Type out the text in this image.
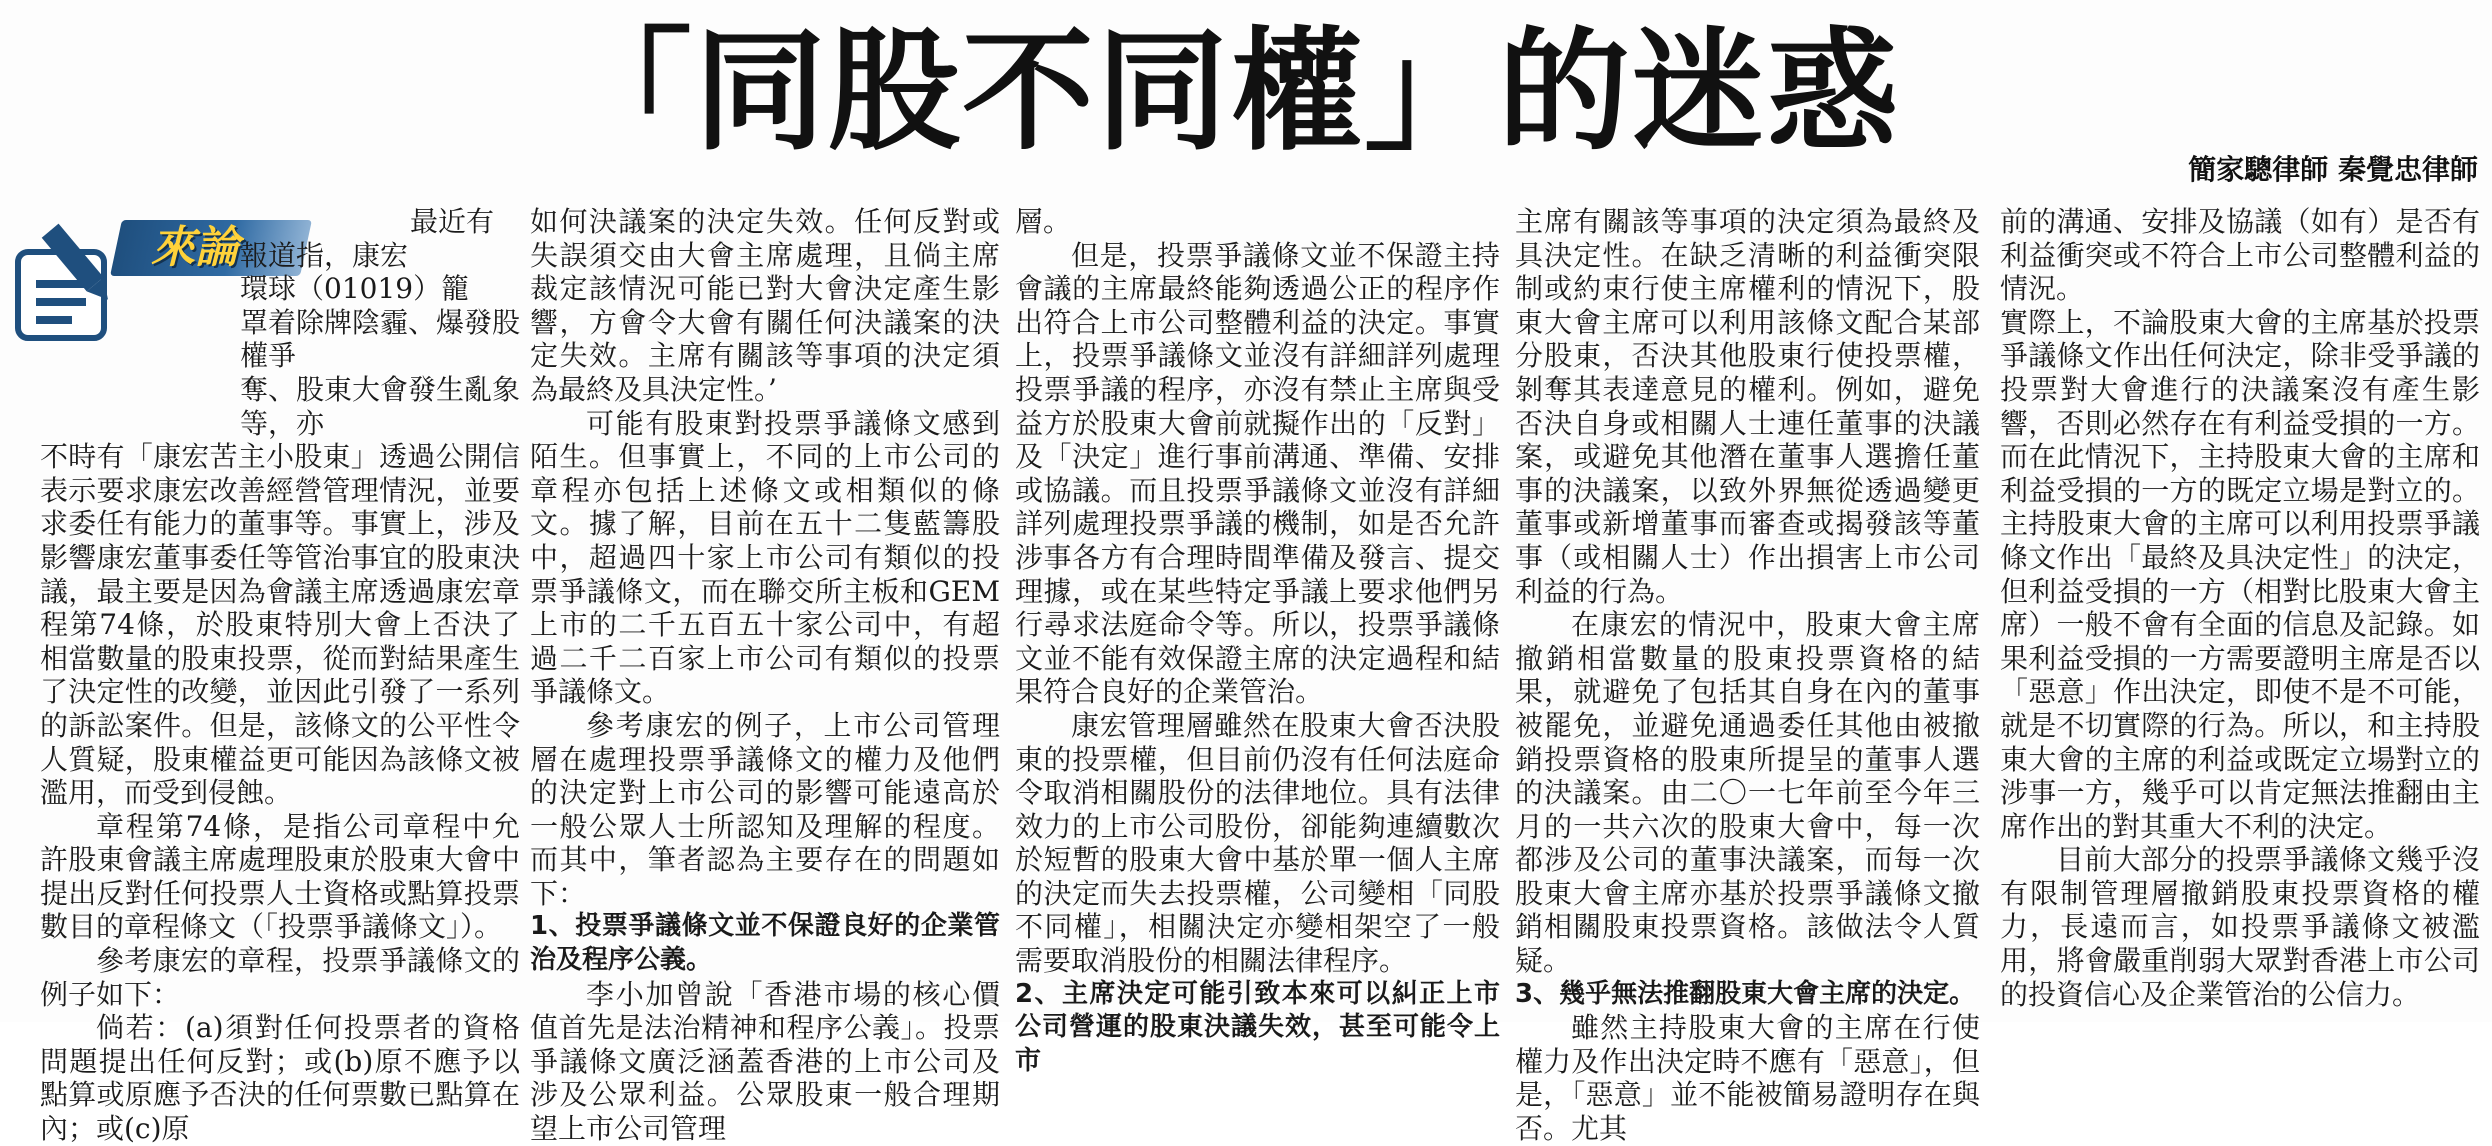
「同股不同權」的迷惑
簡家驄律師 秦覺忠律師
來論

最近有

報道指，康宏

環球（01019）籠

罩着除牌陰霾、爆發股權爭

奪、股東大會發生亂象等，亦

不時有「康宏苦主小股東」透過公開信表示要求康宏改善經營管理情況，並要求委任有能力的董事等。事實上，涉及影響康宏董事委任等管治事宜的股東決議，最主要是因為會議主席透過康宏章程第74條，於股東特別大會上否決了相當數量的股東投票，從而對結果產生了決定性的改變，並因此引發了一系列的訴訟案件。但是，該條文的公平性令人質疑，股東權益更可能因為該條文被濫用，而受到侵蝕。

章程第74條，是指公司章程中允許股東會議主席處理股東於股東大會中提出反對任何投票人士資格或點算投票數目的章程條文（「投票爭議條文」）。

參考康宏的章程，投票爭議條文的例子如下：

倘若：(a)須對任何投票者的資格問題提出任何反對；或(b)原不應予以點算或原應予否決的任何票數已點算在內；或(c)原

如何決議案的決定失效。任何反對或失誤須交由大會主席處理，且倘主席裁定該情況可能已對大會決定產生影響，方會令大會有關任何決議案的決定失效。主席有關該等事項的決定須為最終及具決定性。’

可能有股東對投票爭議條文感到陌生。但事實上，不同的上市公司的章程亦包括上述條文或相類似的條文。據了解，目前在五十二隻藍籌股中，超過四十家上市公司有類似的投票爭議條文，而在聯交所主板和GEM上市的二千五百五十家公司中，有超過二千二百家上市公司有類似的投票爭議條文。

參考康宏的例子，上市公司管理層在處理投票爭議條文的權力及他們的決定對上市公司的影響可能遠高於一般公眾人士所認知及理解的程度。而其中，筆者認為主要存在的問題如下：

1、投票爭議條文並不保證良好的企業管治及程序公義。

李小加曾說「香港市場的核心價值首先是法治精神和程序公義」。投票爭議條文廣泛涵蓋香港的上市公司及涉及公眾利益。公眾股東一般合理期望上市公司管理

層。

但是，投票爭議條文並不保證主持會議的主席最終能夠透過公正的程序作出符合上市公司整體利益的決定。事實上，投票爭議條文並沒有詳細詳列處理投票爭議的程序，亦沒有禁止主席與受益方於股東大會前就擬作出的「反對」及「決定」進行事前溝通、準備、安排或協議。而且投票爭議條文並沒有詳細詳列處理投票爭議的機制，如是否允許涉事各方有合理時間準備及發言、提交理據，或在某些特定爭議上要求他們另行尋求法庭命令等。所以，投票爭議條文並不能有效保證主席的決定過程和結果符合良好的企業管治。

康宏管理層雖然在股東大會否決股東的投票權，但目前仍沒有任何法庭命令取消相關股份的法律地位。具有法律效力的上市公司股份，卻能夠連續數次於短暫的股東大會中基於單一個人主席的決定而失去投票權，公司變相「同股不同權」，相關決定亦變相架空了一般需要取消股份的相關法律程序。

2、主席決定可能引致本來可以糾正上市公司營運的股東決議失效，甚至可能令上市

主席有關該等事項的決定須為最終及具決定性。在缺乏清晰的利益衝突限制或約束行使主席權利的情況下，股東大會主席可以利用該條文配合某部分股東，否決其他股東行使投票權，剝奪其表達意見的權利。例如，避免否決自身或相關人士連任董事的決議案，或避免其他潛在董事人選擔任董事的決議案，以致外界無從透過變更董事或新增董事而審查或揭發該等董事（或相關人士）作出損害上市公司利益的行為。

在康宏的情況中，股東大會主席撤銷相當數量的股東投票資格的結果，就避免了包括其自身在內的董事被罷免，並避免通過委任其他由被撤銷投票資格的股東所提呈的董事人選的決議案。由二〇一七年前至今年三月的一共六次的股東大會中，每一次都涉及公司的董事決議案，而每一次股東大會主席亦基於投票爭議條文撤銷相關股東投票資格。該做法令人質疑。

3、幾乎無法推翻股東大會主席的決定。

雖然主持股東大會的主席在行使權力及作出決定時不應有「惡意」，但是，「惡意」並不能被簡易證明存在與否。尤其

前的溝通、安排及協議（如有）是否有利益衝突或不符合上市公司整體利益的情況。

實際上，不論股東大會的主席基於投票爭議條文作出任何決定，除非受爭議的投票對大會進行的決議案沒有產生影響，否則必然存在有利益受損的一方。而在此情況下，主持股東大會的主席和利益受損的一方的既定立場是對立的。主持股東大會的主席可以利用投票爭議條文作出「最終及具決定性」的決定，但利益受損的一方（相對比股東大會主席）一般不會有全面的信息及記錄。如果利益受損的一方需要證明主席是否以「惡意」作出決定，即使不是不可能，就是不切實際的行為。所以，和主持股東大會的主席的利益或既定立場對立的涉事一方，幾乎可以肯定無法推翻由主席作出的對其重大不利的決定。

目前大部分的投票爭議條文幾乎沒有限制管理層撤銷股東投票資格的權力，長遠而言，如投票爭議條文被濫用，將會嚴重削弱大眾對香港上市公司的投資信心及企業管治的公信力。
